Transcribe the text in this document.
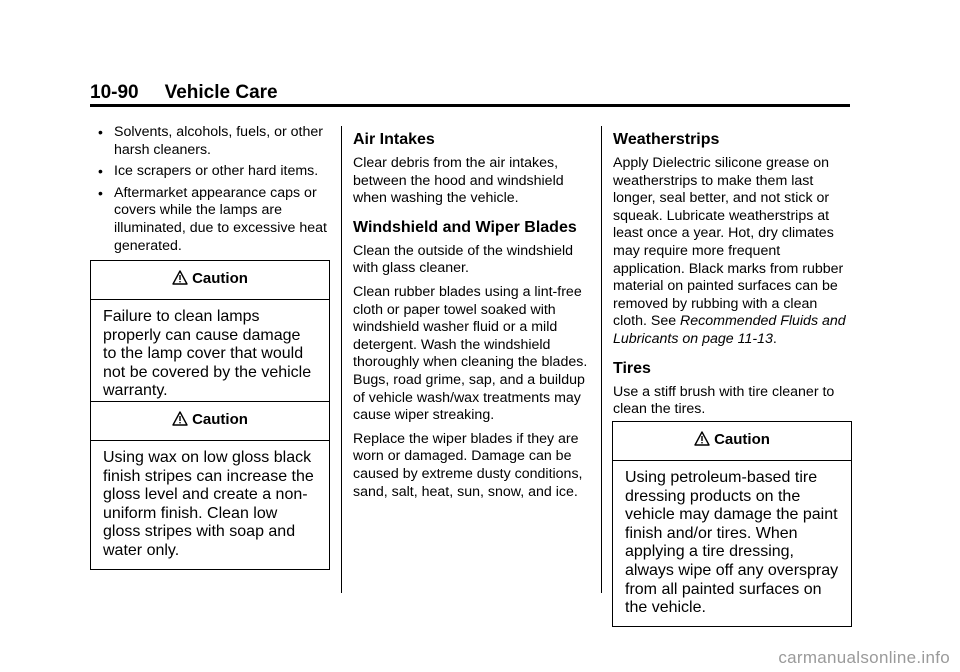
10-90 Vehicle Care
• Solvents, alcohols, fuels, or other harsh cleaners.
• Ice scrapers or other hard items.
• Aftermarket appearance caps or covers while the lamps are illuminated, due to excessive heat generated.
Caution
Failure to clean lamps properly can cause damage to the lamp cover that would not be covered by the vehicle warranty.
Caution
Using wax on low gloss black finish stripes can increase the gloss level and create a non-uniform finish. Clean low gloss stripes with soap and water only.
Air Intakes

Clear debris from the air intakes, between the hood and windshield when washing the vehicle.

Windshield and Wiper Blades

Clean the outside of the windshield with glass cleaner.

Clean rubber blades using a lint-free cloth or paper towel soaked with windshield washer fluid or a mild detergent. Wash the windshield thoroughly when cleaning the blades. Bugs, road grime, sap, and a buildup of vehicle wash/wax treatments may cause wiper streaking.

Replace the wiper blades if they are worn or damaged. Damage can be caused by extreme dusty conditions, sand, salt, heat, sun, snow, and ice.

Weatherstrips

Apply Dielectric silicone grease on weatherstrips to make them last longer, seal better, and not stick or squeak. Lubricate weatherstrips at least once a year. Hot, dry climates may require more frequent application. Black marks from rubber material on painted surfaces can be removed by rubbing with a clean cloth. See Recommended Fluids and Lubricants on page 11-13.

Tires

Use a stiff brush with tire cleaner to clean the tires.

Caution
Using petroleum-based tire dressing products on the vehicle may damage the paint finish and/or tires. When applying a tire dressing, always wipe off any overspray from all painted surfaces on the vehicle.
carmanualsonline.info
